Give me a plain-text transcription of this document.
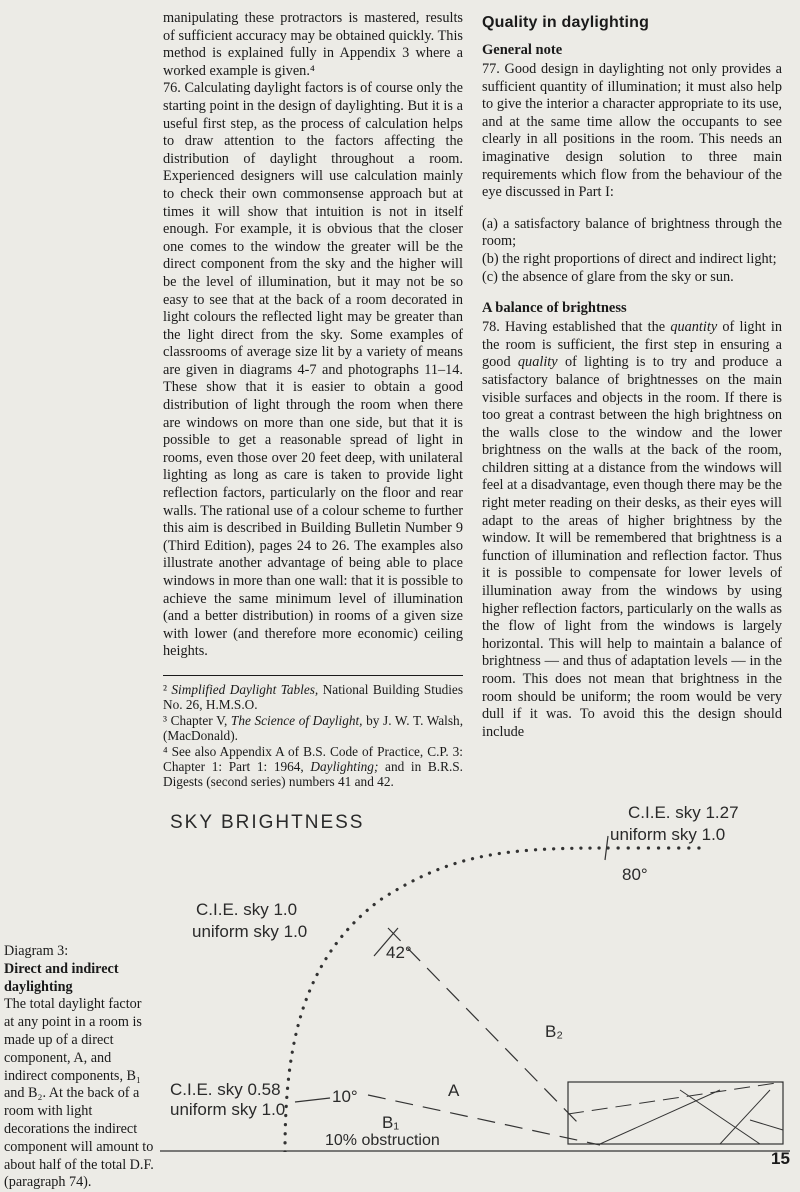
manipulating these protractors is mastered, results of sufficient accuracy may be obtained quickly. This method is explained fully in Appendix 3 where a worked example is given.⁴

76. Calculating daylight factors is of course only the starting point in the design of daylighting. But it is a useful first step, as the process of calculation helps to draw attention to the factors affecting the distribution of daylight throughout a room. Experienced designers will use calculation mainly to check their own commonsense approach but at times it will show that intuition is not in itself enough. For example, it is obvious that the closer one comes to the window the greater will be the direct component from the sky and the higher will be the level of illumination, but it may not be so easy to see that at the back of a room decorated in light colours the reflected light may be greater than the light direct from the sky. Some examples of classrooms of average size lit by a variety of means are given in diagrams 4-7 and photographs 11–14. These show that it is easier to obtain a good distribution of light through the room when there are windows on more than one side, but that it is possible to get a reasonable spread of light in rooms, even those over 20 feet deep, with unilateral lighting as long as care is taken to provide light reflection factors, particularly on the floor and rear walls. The rational use of a colour scheme to further this aim is described in Building Bulletin Number 9 (Third Edition), pages 24 to 26. The examples also illustrate another advantage of being able to place windows in more than one wall: that it is possible to achieve the same minimum level of illumination (and a better distribution) in rooms of a given size with lower (and therefore more economic) ceiling heights.

² Simplified Daylight Tables, National Building Studies No. 26, H.M.S.O.

³ Chapter V, The Science of Daylight, by J. W. T. Walsh, (MacDonald).

⁴ See also Appendix A of B.S. Code of Practice, C.P. 3: Chapter 1: Part 1: 1964, Daylighting; and in B.R.S. Digests (second series) numbers 41 and 42.

Quality in daylighting
General note

77. Good design in daylighting not only provides a sufficient quantity of illumination; it must also help to give the interior a character appropriate to its use, and at the same time allow the occupants to see clearly in all positions in the room. This needs an imaginative design solution to three main requirements which flow from the behaviour of the eye discussed in Part I:

(a) a satisfactory balance of brightness through the room;
(b) the right proportions of direct and indirect light;
(c) the absence of glare from the sky or sun.
A balance of brightness

78. Having established that the quantity of light in the room is sufficient, the first step in ensuring a good quality of lighting is to try and produce a satisfactory balance of brightnesses on the main visible surfaces and objects in the room. If there is too great a contrast between the high brightness on the walls close to the window and the lower brightness on the walls at the back of the room, children sitting at a distance from the windows will feel at a disadvantage, even though there may be the right meter reading on their desks, as their eyes will adapt to the areas of higher brightness by the window. It will be remembered that brightness is a function of illumination and reflection factor. Thus it is possible to compensate for lower levels of illumination away from the windows by using higher reflection factors, particularly on the walls as the flow of light from the windows is largely horizontal. This will help to maintain a balance of brightness — and thus of adaptation levels — in the room. This does not mean that brightness in the room should be uniform; the room would be very dull if it was. To avoid this the design should include

Diagram 3:
Direct and indirect
daylighting
The total daylight factor at any point in a room is made up of a direct component, A, and indirect components, B₁ and B₂. At the back of a room with light decorations the indirect component will amount to about half of the total D.F. (paragraph 74).
SKY BRIGHTNESS	C.I.E. sky 1.27
uniform sky 1.0
C.I.E. sky 1.0
uniform sky 1.0
C.I.E. sky 0.58
uniform sky 1.0
80°
42°
B₂
A
10°
B₁
10% obstruction
15
